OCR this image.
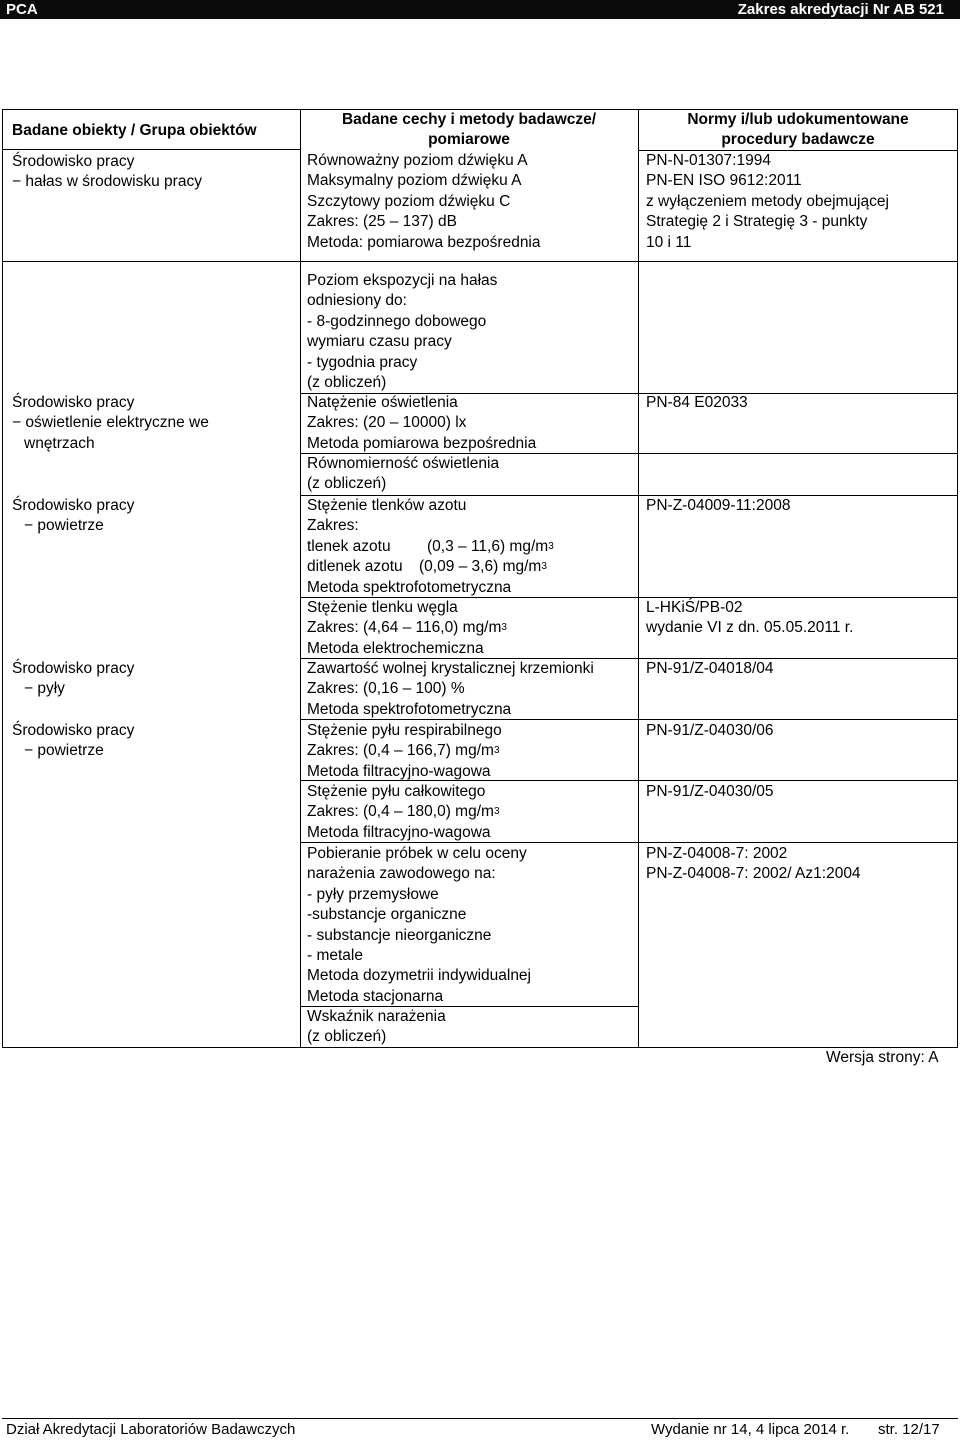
PCA	Zakres akredytacji Nr AB 521
Badane obiekty / Grupa obiektów
Badane cechy i metody badawcze/
pomiarowe
Normy i/lub udokumentowane
procedury badawcze
Środowisko pracy
− hałas w środowisku pracy
Środowisko pracy
− oświetlenie elektryczne we
wnętrzach
Środowisko pracy
− powietrze
Środowisko pracy
− pyły
Środowisko pracy
− powietrze
Równoważny poziom dźwięku A
Maksymalny poziom dźwięku A
Szczytowy poziom dźwięku C
Zakres: (25 – 137) dB
Metoda: pomiarowa bezpośrednia
Poziom ekspozycji na hałas
odniesiony do:
- 8-godzinnego dobowego
wymiaru czasu pracy
- tygodnia pracy
(z obliczeń)
Natężenie oświetlenia
Zakres: (20 – 10000) lx
Metoda pomiarowa bezpośrednia
Równomierność oświetlenia
(z obliczeń)
Stężenie tlenków azotu
Zakres:
tlenek azotu (0,3 – 11,6) $mg/m^3$
ditlenek azotu (0,09 – 3,6) $mg/m^3$
Metoda spektrofotometryczna
Stężenie tlenku węgla
Zakres: (4,64 – 116,0) $mg/m^3$
Metoda elektrochemiczna
Zawartość wolnej krystalicznej krzemionki
Zakres: (0,16 – 100) %
Metoda spektrofotometryczna
Stężenie pyłu respirabilnego
Zakres: (0,4 – 166,7) $mg/m^3$
Metoda filtracyjno-wagowa
Stężenie pyłu całkowitego
Zakres: (0,4 – 180,0) $mg/m^3$
Metoda filtracyjno-wagowa
Pobieranie próbek w celu oceny
narażenia zawodowego na:
- pyły przemysłowe
-substancje organiczne
- substancje nieorganiczne
- metale
Metoda dozymetrii indywidualnej
Metoda stacjonarna
Wskaźnik narażenia
(z obliczeń)
PN-N-01307:1994
PN-EN ISO 9612:2011
z wyłączeniem metody obejmującej
Strategię 2 i Strategię 3 - punkty
10 i 11
PN-84 E02033
PN-Z-04009-11:2008
L-HKiŚ/PB-02
wydanie VI z dn. 05.05.2011 r.
PN-91/Z-04018/04
PN-91/Z-04030/06
PN-91/Z-04030/05
PN-Z-04008-7: 2002
PN-Z-04008-7: 2002/ Az1:2004
Wersja strony: A
Dział Akredytacji Laboratoriów Badawczych	Wydanie nr 14, 4 lipca 2014 r. str. 12/17
